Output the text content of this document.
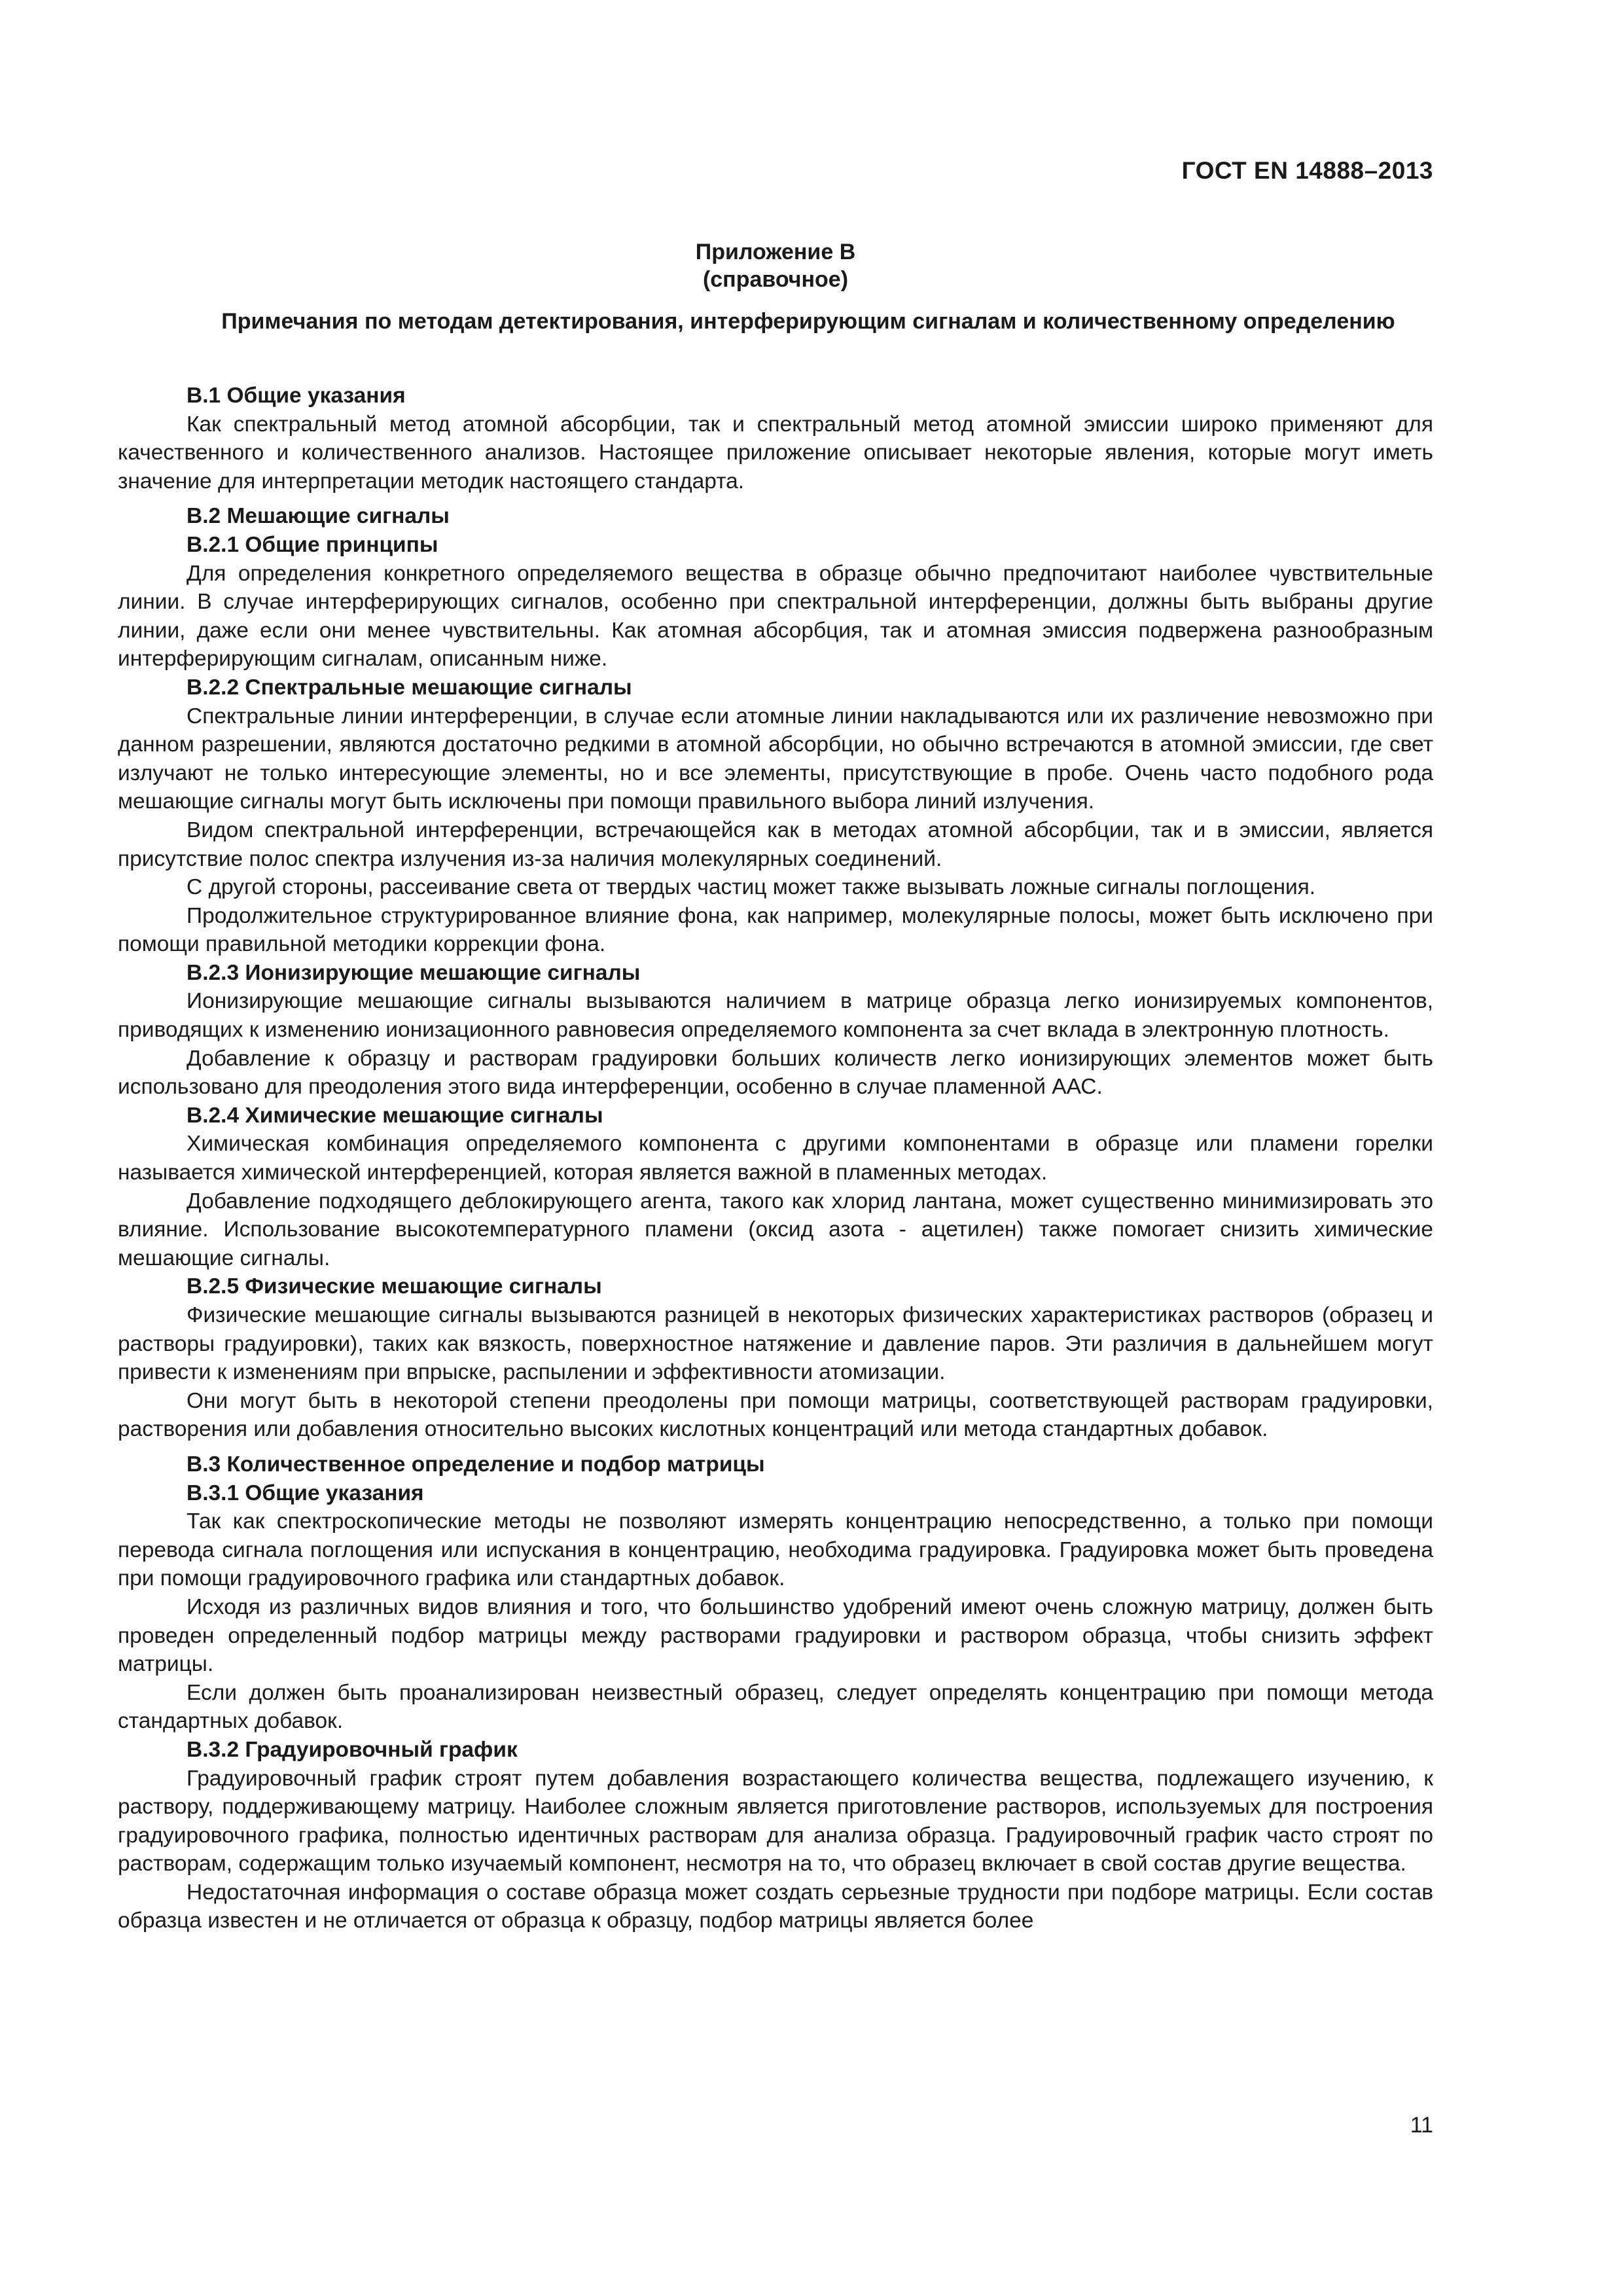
ГОСТ EN 14888–2013
Приложение В
(справочное)
Примечания по методам детектирования, интерферирующим сигналам и количественному определению
В.1 Общие указания

Как спектральный метод атомной абсорбции, так и спектральный метод атомной эмиссии широко применяют для качественного и количественного анализов. Настоящее приложение описывает некоторые явления, которые могут иметь значение для интерпретации методик настоящего стандарта.

В.2 Мешающие сигналы
В.2.1 Общие принципы

Для определения конкретного определяемого вещества в образце обычно предпочитают наиболее чувствительные линии. В случае интерферирующих сигналов, особенно при спектральной интерференции, должны быть выбраны другие линии, даже если они менее чувствительны. Как атомная абсорбция, так и атомная эмиссия подвержена разнообразным интерферирующим сигналам, описанным ниже.

В.2.2 Спектральные мешающие сигналы

Спектральные линии интерференции, в случае если атомные линии накладываются или их различение невозможно при данном разрешении, являются достаточно редкими в атомной абсорбции, но обычно встречаются в атомной эмиссии, где свет излучают не только интересующие элементы, но и все элементы, присутствующие в пробе. Очень часто подобного рода мешающие сигналы могут быть исключены при помощи правильного выбора линий излучения.

Видом спектральной интерференции, встречающейся как в методах атомной абсорбции, так и в эмиссии, является присутствие полос спектра излучения из-за наличия молекулярных соединений.

С другой стороны, рассеивание света от твердых частиц может также вызывать ложные сигналы поглощения.

Продолжительное структурированное влияние фона, как например, молекулярные полосы, может быть исключено при помощи правильной методики коррекции фона.

В.2.3 Ионизирующие мешающие сигналы

Ионизирующие мешающие сигналы вызываются наличием в матрице образца легко ионизируемых компонентов, приводящих к изменению ионизационного равновесия определяемого компонента за счет вклада в электронную плотность.

Добавление к образцу и растворам градуировки больших количеств легко ионизирующих элементов может быть использовано для преодоления этого вида интерференции, особенно в случае пламенной ААС.

В.2.4 Химические мешающие сигналы

Химическая комбинация определяемого компонента с другими компонентами в образце или пламени горелки называется химической интерференцией, которая является важной в пламенных методах.

Добавление подходящего деблокирующего агента, такого как хлорид лантана, может существенно минимизировать это влияние. Использование высокотемпературного пламени (оксид азота - ацетилен) также помогает снизить химические мешающие сигналы.

В.2.5 Физические мешающие сигналы

Физические мешающие сигналы вызываются разницей в некоторых физических характеристиках растворов (образец и растворы градуировки), таких как вязкость, поверхностное натяжение и давление паров. Эти различия в дальнейшем могут привести к изменениям при впрыске, распылении и эффективности атомизации.

Они могут быть в некоторой степени преодолены при помощи матрицы, соответствующей растворам градуировки, растворения или добавления относительно высоких кислотных концентраций или метода стандартных добавок.

В.3 Количественное определение и подбор матрицы
В.3.1 Общие указания

Так как спектроскопические методы не позволяют измерять концентрацию непосредственно, а только при помощи перевода сигнала поглощения или испускания в концентрацию, необходима градуировка. Градуировка может быть проведена при помощи градуировочного графика или стандартных добавок.

Исходя из различных видов влияния и того, что большинство удобрений имеют очень сложную матрицу, должен быть проведен определенный подбор матрицы между растворами градуировки и раствором образца, чтобы снизить эффект матрицы.

Если должен быть проанализирован неизвестный образец, следует определять концентрацию при помощи метода стандартных добавок.

В.3.2 Градуировочный график

Градуировочный график строят путем добавления возрастающего количества вещества, подлежащего изучению, к раствору, поддерживающему матрицу. Наиболее сложным является приготовление растворов, используемых для построения градуировочного графика, полностью идентичных растворам для анализа образца. Градуировочный график часто строят по растворам, содержащим только изучаемый компонент, несмотря на то, что образец включает в свой состав другие вещества.

Недостаточная информация о составе образца может создать серьезные трудности при подборе матрицы. Если состав образца известен и не отличается от образца к образцу, подбор матрицы является более

11
